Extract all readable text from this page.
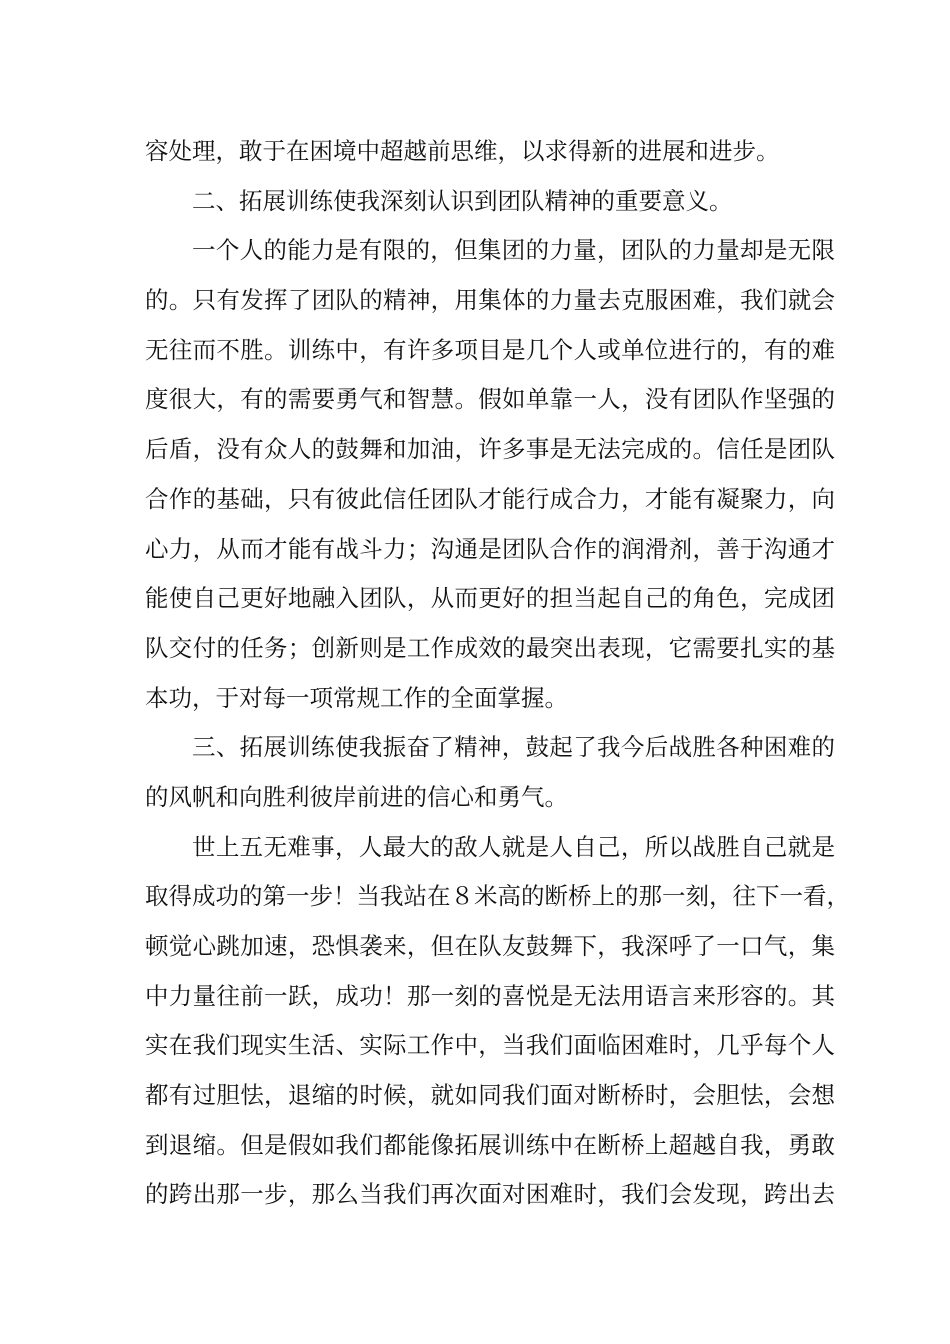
容处理，敢于在困境中超越前思维，以求得新的进展和进步。
二、拓展训练使我深刻认识到团队精神的重要意义。
一个人的能力是有限的，但集团的力量，团队的力量却是无限
的。只有发挥了团队的精神，用集体的力量去克服困难，我们就会
无往而不胜。训练中，有许多项目是几个人或单位进行的，有的难
度很大，有的需要勇气和智慧。假如单靠一人，没有团队作坚强的
后盾，没有众人的鼓舞和加油，许多事是无法完成的。信任是团队
合作的基础，只有彼此信任团队才能行成合力，才能有凝聚力，向
心力，从而才能有战斗力；沟通是团队合作的润滑剂，善于沟通才
能使自己更好地融入团队，从而更好的担当起自己的角色，完成团
队交付的任务；创新则是工作成效的最突出表现，它需要扎实的基
本功，于对每一项常规工作的全面掌握。
三、拓展训练使我振奋了精神，鼓起了我今后战胜各种困难的
的风帆和向胜利彼岸前进的信心和勇气。
世上五无难事，人最大的敌人就是人自己，所以战胜自己就是
取得成功的第一步！当我站在８米高的断桥上的那一刻，往下一看，
顿觉心跳加速，恐惧袭来，但在队友鼓舞下，我深呼了一口气，集
中力量往前一跃，成功！那一刻的喜悦是无法用语言来形容的。其
实在我们现实生活、实际工作中，当我们面临困难时，几乎每个人
都有过胆怯，退缩的时候，就如同我们面对断桥时，会胆怯，会想
到退缩。但是假如我们都能像拓展训练中在断桥上超越自我，勇敢
的跨出那一步，那么当我们再次面对困难时，我们会发现，跨出去
